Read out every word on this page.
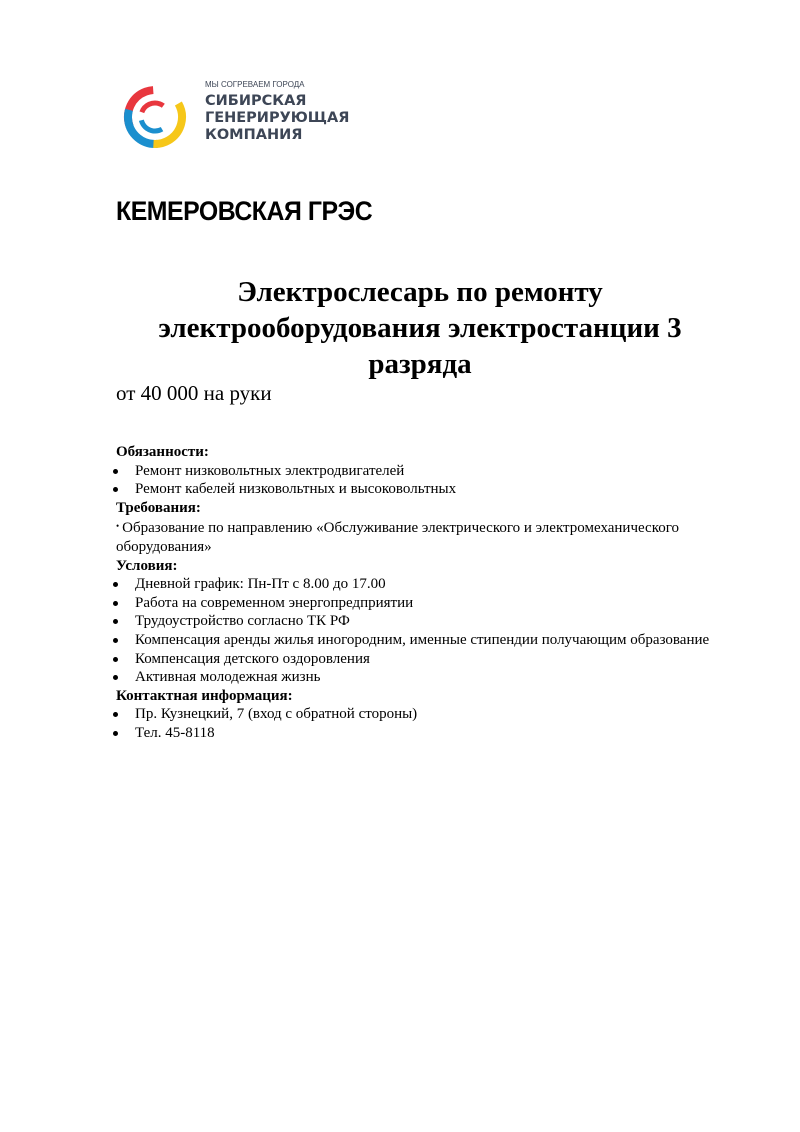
МЫ СОГРЕВАЕМ ГОРОДА
СИБИРСКАЯ
ГЕНЕРИРУЮЩАЯ
КОМПАНИЯ
КЕМЕРОВСКАЯ ГРЭС
Электрослесарь по ремонту
электрооборудования электростанции 3
разряда
от 40 000 на руки

Обязанности:

Ремонт низковольтных электродвигателей
Ремонт кабелей низковольтных и высоковольтных

Требования:

• Образование по направлению «Обслуживание электрического и электромеханического оборудования»

Условия:

Дневной график: Пн-Пт с 8.00 до 17.00
Работа на современном энергопредприятии
Трудоустройство согласно ТК РФ
Компенсация аренды жилья иногородним, именные стипендии получающим образование
Компенсация детского оздоровления
Активная молодежная жизнь

Контактная информация:

Пр. Кузнецкий, 7 (вход с обратной стороны)
Тел. 45-8118
